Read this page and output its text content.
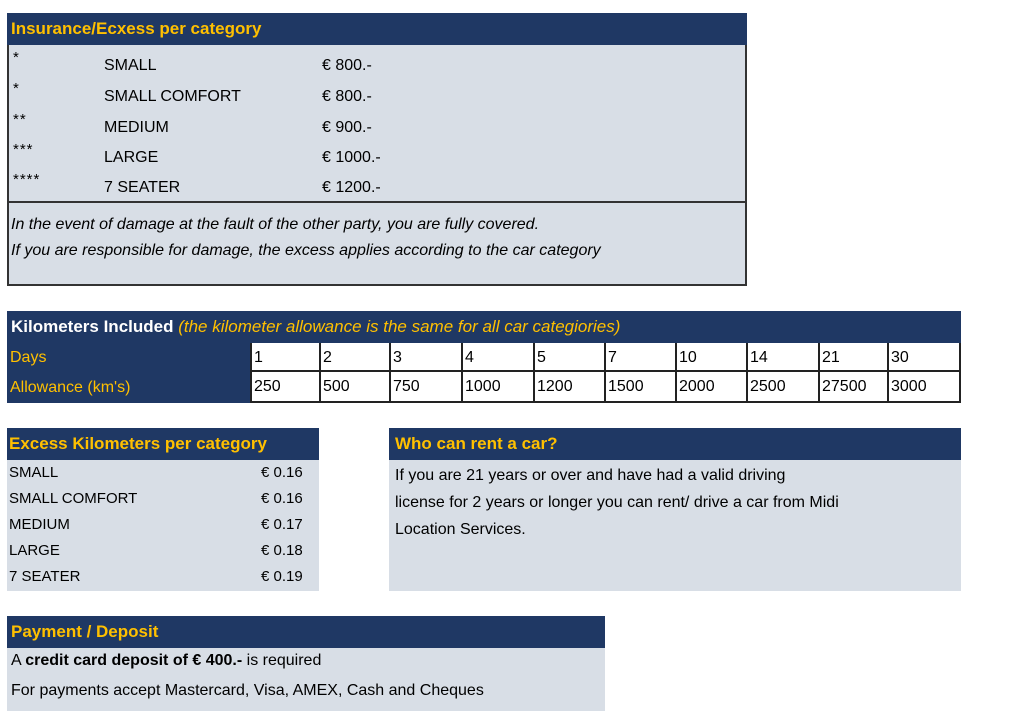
Insurance/Ecxess per category
*	SMALL	€ 800.-
*	SMALL COMFORT	€ 800.-
**	MEDIUM	€ 900.-
***	LARGE	€ 1000.-
****	7 SEATER	€ 1200.-
In the event of damage at the fault of the other party, you are fully covered.
If you are responsible for damage, the excess applies according to the car category
Kilometers Included (the kilometer allowance is the same for all car categiories)
Days	1	2	3	4	5	7	10	14	21	30
Allowance (km's)	250	500	750	1000	1200	1500	2000	2500	27500	3000
Excess Kilometers per category
SMALL	€ 0.16
SMALL COMFORT	€ 0.16
MEDIUM	€ 0.17
LARGE	€ 0.18
7 SEATER	€ 0.19
Who can rent a car?
If you are 21 years or over and have had a valid driving
license for 2 years or longer you can rent/ drive a car from Midi
Location Services.
Payment / Deposit
A credit card deposit of € 400.- is required
For payments accept Mastercard, Visa, AMEX, Cash and Cheques
